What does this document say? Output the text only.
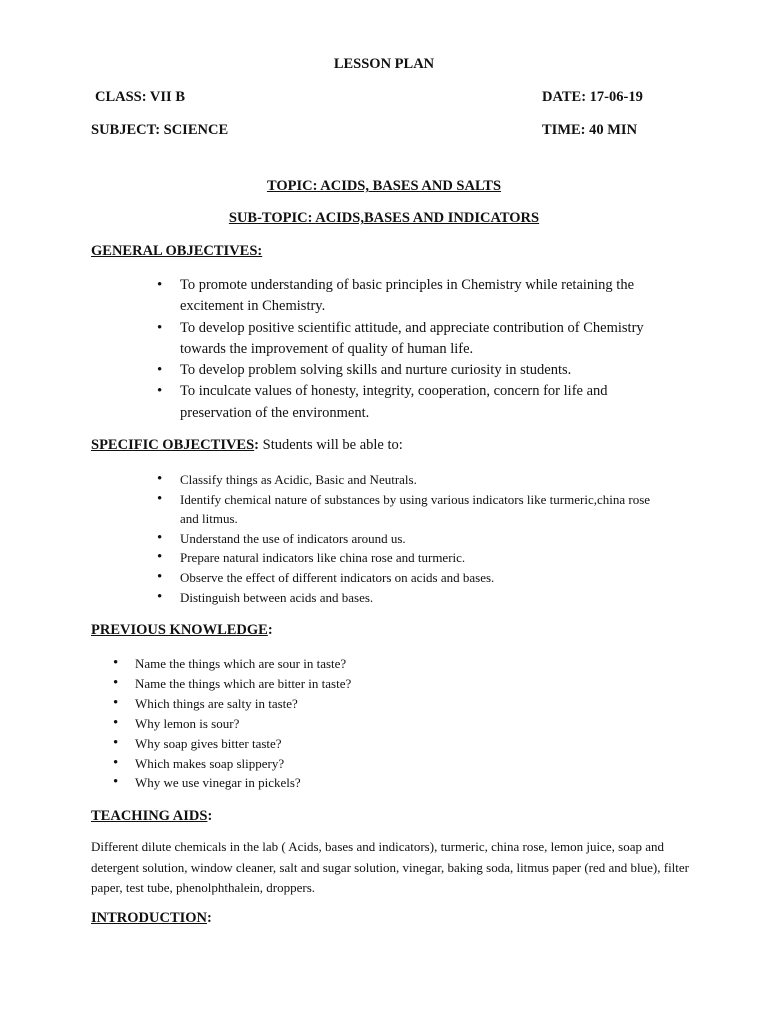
LESSON PLAN
CLASS: VII B	DATE: 17-06-19
SUBJECT: SCIENCE	TIME: 40 MIN
TOPIC: ACIDS, BASES AND SALTS
SUB-TOPIC: ACIDS,BASES AND INDICATORS
GENERAL OBJECTIVES:
• To promote understanding of basic principles in Chemistry while retaining the excitement in Chemistry.
• To develop positive scientific attitude, and appreciate contribution of Chemistry towards the improvement of quality of human life.
• To develop problem solving skills and nurture curiosity in students.
• To inculcate values of honesty, integrity, cooperation, concern for life and preservation of the environment.
SPECIFIC OBJECTIVES: Students will be able to:
• Classify things as Acidic, Basic and Neutrals.
• Identify chemical nature of substances by using various indicators like turmeric,china rose and litmus.
• Understand the use of indicators around us.
• Prepare natural indicators like china rose and turmeric.
• Observe the effect of different indicators on acids and bases.
• Distinguish between acids and bases.
PREVIOUS KNOWLEDGE:
• Name the things which are sour in taste?
• Name the things which are bitter in taste?
• Which things are salty in taste?
• Why lemon is sour?
• Why soap gives bitter taste?
• Which makes soap slippery?
• Why we use vinegar in pickels?
TEACHING AIDS:
Different dilute chemicals in the lab ( Acids, bases and indicators), turmeric, china rose, lemon juice, soap and detergent solution, window cleaner, salt and sugar solution, vinegar, baking soda, litmus paper (red and blue), filter paper, test tube, phenolphthalein, droppers.
INTRODUCTION:
